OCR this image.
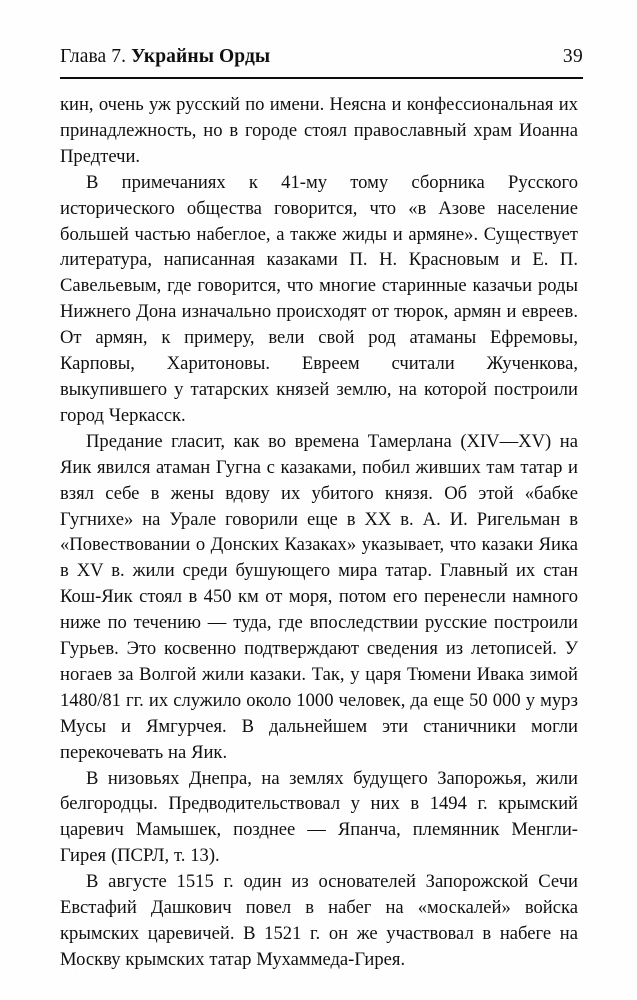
Глава 7. Украйны Орды	39

кин, очень уж русский по имени. Неясна и конфессиональная их принадлежность, но в городе стоял православный храм Иоанна Предтечи.

В примечаниях к 41-му тому сборника Русского исторического общества говорится, что «в Азове население большей частью набеглое, а также жиды и армяне». Существует литература, написанная казаками П. Н. Красновым и Е. П. Савельевым, где говорится, что многие старинные казачьи роды Нижнего Дона изначально происходят от тюрок, армян и евреев. От армян, к примеру, вели свой род атаманы Ефремовы, Карповы, Харитоновы. Евреем считали Жученкова, выкупившего у татарских князей землю, на которой построили город Черкасск.

Предание гласит, как во времена Тамерлана (XIV—XV) на Яик явился атаман Гугна с казаками, побил живших там татар и взял себе в жены вдову их убитого князя. Об этой «бабке Гугнихе» на Урале говорили еще в XX в. А. И. Ригельман в «Повествовании о Донских Казаках» указывает, что казаки Яика в XV в. жили среди бушующего мира татар. Главный их стан Кош-Яик стоял в 450 км от моря, потом его перенесли намного ниже по течению — туда, где впоследствии русские построили Гурьев. Это косвенно подтверждают сведения из летописей. У ногаев за Волгой жили казаки. Так, у царя Тюмени Ивака зимой 1480/81 гг. их служило около 1000 человек, да еще 50 000 у мурз Мусы и Ямгурчея. В дальнейшем эти станичники могли перекочевать на Яик.

В низовьях Днепра, на землях будущего Запорожья, жили белгородцы. Предводительствовал у них в 1494 г. крымский царевич Мамышек, позднее — Япанча, племянник Менгли-Гирея (ПСРЛ, т. 13).

В августе 1515 г. один из основателей Запорожской Сечи Евстафий Дашкович повел в набег на «москалей» войска крымских царевичей. В 1521 г. он же участвовал в набеге на Москву крымских татар Мухаммеда-Гирея.
